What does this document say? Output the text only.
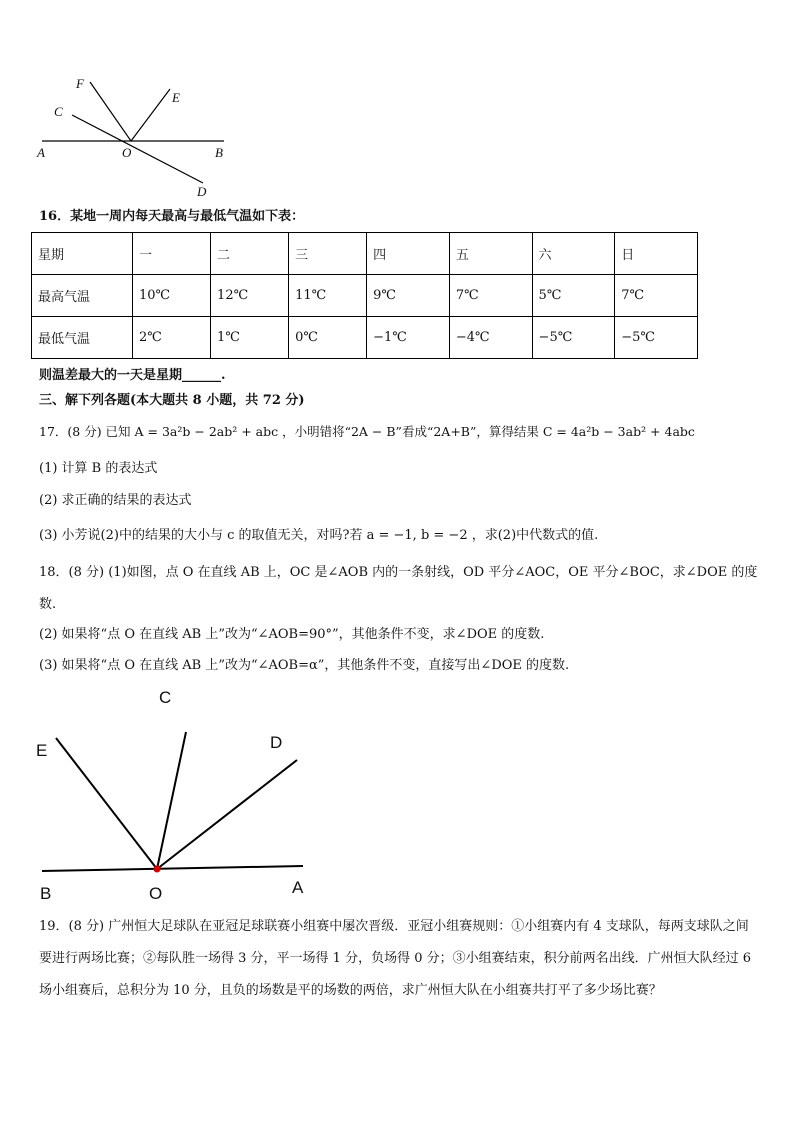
F
C
E
A	O	B
D
16．某地一周内每天最高与最低气温如下表：
星期	一	二	三	四	五	六	日
最高气温	10℃	12℃	11℃	9℃	7℃	5℃	7℃
最低气温	2℃	1℃	0℃	−1℃	−4℃	−5℃	−5℃
则温差最大的一天是星期______.
三、解下列各题(本大题共 8 小题，共 72 分)
17．(8 分) 已知 A = 3a²b − 2ab² + abc ，小明错将“2A − B”看成“2A+B”，算得结果 C = 4a²b − 3ab² + 4abc
(1) 计算 B 的表达式
(2) 求正确的结果的表达式
(3) 小芳说(2)中的结果的大小与 c 的取值无关，对吗?若 a = −1, b = −2 ，求(2)中代数式的值.
18．(8 分) (1)如图，点 O 在直线 AB 上，OC 是∠AOB 内的一条射线，OD 平分∠AOC，OE 平分∠BOC，求∠DOE 的度数.
(2) 如果将“点 O 在直线 AB 上”改为“∠AOB=90°”，其他条件不变，求∠DOE 的度数.
(3) 如果将“点 O 在直线 AB 上”改为“∠AOB=α”，其他条件不变，直接写出∠DOE 的度数.
C
E	D
B	O	A
19．(8 分) 广州恒大足球队在亚冠足球联赛小组赛中屡次晋级．亚冠小组赛规则：①小组赛内有 4 支球队，每两支球队之间要进行两场比赛；②每队胜一场得 3 分，平一场得 1 分，负场得 0 分；③小组赛结束，积分前两名出线．广州恒大队经过 6 场小组赛后，总积分为 10 分，且负的场数是平的场数的两倍，求广州恒大队在小组赛共打平了多少场比赛？
